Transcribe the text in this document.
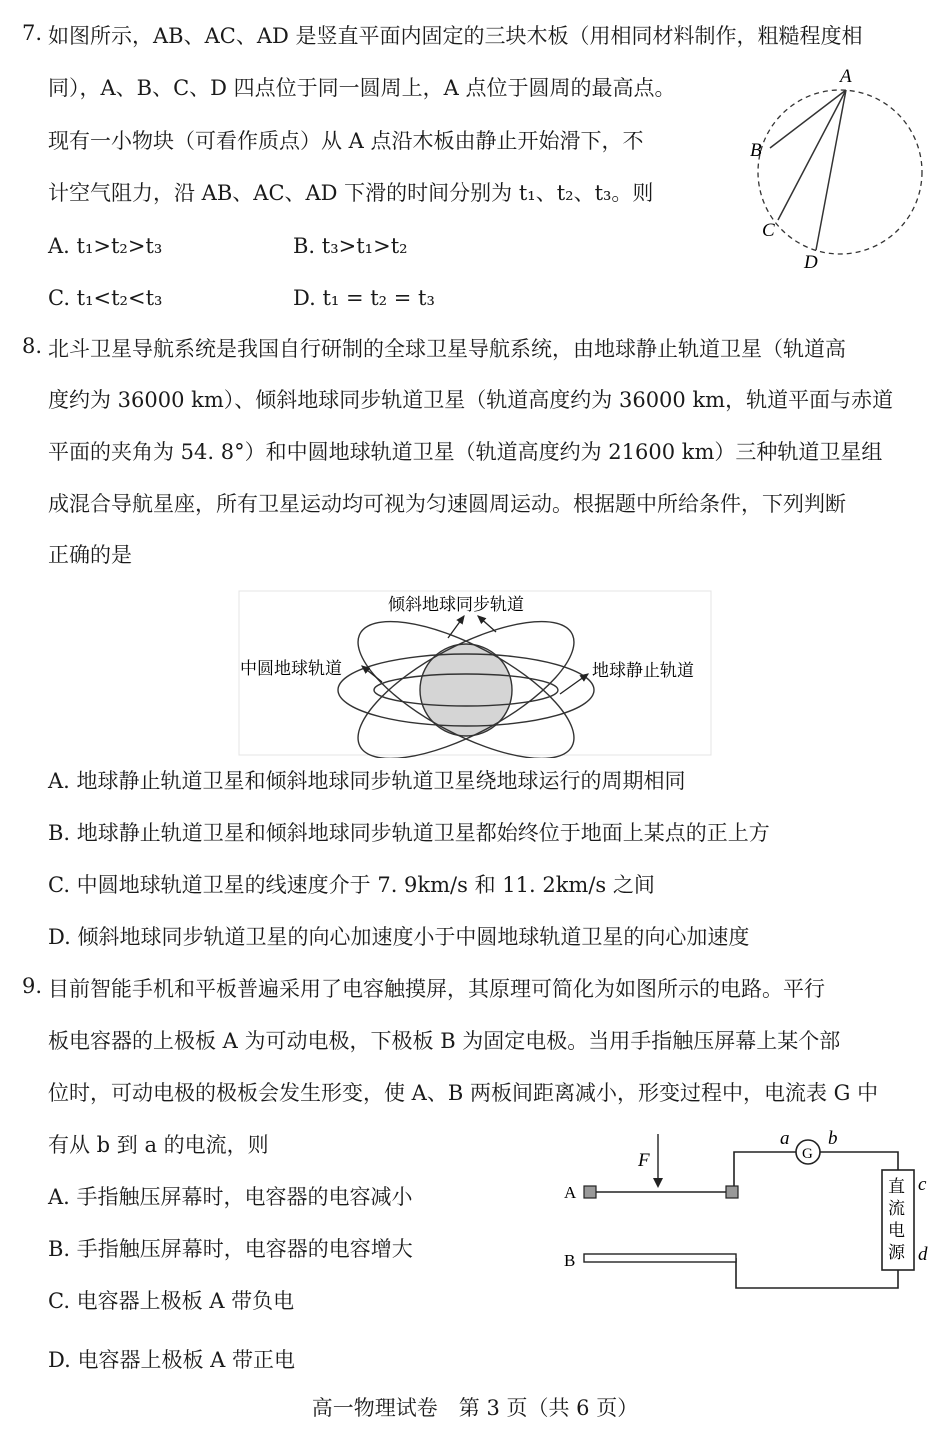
7. 如图所示，AB、AC、AD 是竖直平面内固定的三块木板（用相同材料制作，粗糙程度相
同），A、B、C、D 四点位于同一圆周上，A 点位于圆周的最高点。
现有一小物块（可看作质点）从 A 点沿木板由静止开始滑下，不
计空气阻力，沿 AB、AC、AD 下滑的时间分别为 t₁、t₂、t₃。则
A. t₁>t₂>t₃	B. t₃>t₁>t₂
C. t₁<t₂<t₃	D. t₁ = t₂ = t₃
A
B
C
D
8. 北斗卫星导航系统是我国自行研制的全球卫星导航系统，由地球静止轨道卫星（轨道高
度约为 36000 km）、倾斜地球同步轨道卫星（轨道高度约为 36000 km，轨道平面与赤道
平面的夹角为 54. 8°）和中圆地球轨道卫星（轨道高度约为 21600 km）三种轨道卫星组
成混合导航星座，所有卫星运动均可视为匀速圆周运动。根据题中所给条件，下列判断
正确的是
倾斜地球同步轨道
中圆地球轨道	地球静止轨道
A. 地球静止轨道卫星和倾斜地球同步轨道卫星绕地球运行的周期相同
B. 地球静止轨道卫星和倾斜地球同步轨道卫星都始终位于地面上某点的正上方
C. 中圆地球轨道卫星的线速度介于 7. 9km/s 和 11. 2km/s 之间
D. 倾斜地球同步轨道卫星的向心加速度小于中圆地球轨道卫星的向心加速度
9. 目前智能手机和平板普遍采用了电容触摸屏，其原理可简化为如图所示的电路。平行
板电容器的上极板 A 为可动电极，下极板 B 为固定电极。当用手指触压屏幕上某个部
位时，可动电极的极板会发生形变，使 A、B 两板间距离减小，形变过程中，电流表 G 中
有从 b 到 a 的电流，则
A. 手指触压屏幕时，电容器的电容减小
B. 手指触压屏幕时，电容器的电容增大
C. 电容器上极板 A 带负电
D. 电容器上极板 A 带正电
G
a b
直
流
电
源
c
d
A
F
B
高一物理试卷　第 3 页（共 6 页）
